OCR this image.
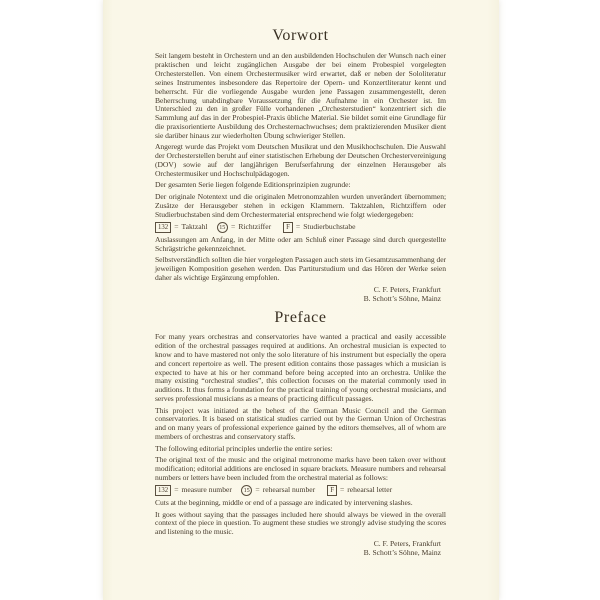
Vorwort

Seit langem besteht in Orchestern und an den ausbildenden Hochschulen der Wunsch nach einer praktischen und leicht zugänglichen Ausgabe der bei einem Probespiel vorgelegten Orchesterstellen. Von einem Orchestermusiker wird erwartet, daß er neben der Sololiteratur seines Instrumentes insbesondere das Repertoire der Opern- und Konzertliteratur kennt und beherrscht. Für die vorliegende Ausgabe wurden jene Passagen zusammengestellt, deren Beherrschung unabdingbare Voraussetzung für die Aufnahme in ein Orchester ist. Im Unterschied zu den in großer Fülle vorhandenen „Orchesterstudien“ konzentriert sich die Sammlung auf das in der Probespiel-Praxis übliche Material. Sie bildet somit eine Grundlage für die praxisorientierte Ausbildung des Orchesternachwuchses; dem praktizierenden Musiker dient sie darüber hinaus zur wiederholten Übung schwieriger Stellen.

Angeregt wurde das Projekt vom Deutschen Musikrat und den Musikhochschulen. Die Auswahl der Orchesterstellen beruht auf einer statistischen Erhebung der Deutschen Orchestervereinigung (DOV) sowie auf der langjährigen Berufserfahrung der einzelnen Herausgeber als Orchestermusiker und Hochschulpädagogen.

Der gesamten Serie liegen folgende Editionsprinzipien zugrunde:

Der originale Notentext und die originalen Metronomzahlen wurden unverändert übernommen; Zusätze der Herausgeber stehen in eckigen Klammern. Taktzahlen, Richtziffern oder Studierbuchstaben sind dem Orchestermaterial entsprechend wie folgt wiedergegeben:

132 = Taktzahl	15 = Richtziffer	F = Studierbuchstabe

Auslassungen am Anfang, in der Mitte oder am Schluß einer Passage sind durch quergestellte Schrägstriche gekennzeichnet.

Selbstverständlich sollten die hier vorgelegten Passagen auch stets im Gesamtzusammenhang der jeweiligen Komposition gesehen werden. Das Partiturstudium und das Hören der Werke seien daher als wichtige Ergänzung empfohlen.

C. F. Peters, Frankfurt
B. Schott’s Söhne, Mainz
Preface

For many years orchestras and conservatories have wanted a practical and easily accessible edition of the orchestral passages required at auditions. An orchestral musician is expected to know and to have mastered not only the solo literature of his instrument but especially the opera and concert repertoire as well. The present edition contains those passages which a musician is expected to have at his or her command before being accepted into an orchestra. Unlike the many existing “orchestral studies”, this collection focuses on the material commonly used in auditions. It thus forms a foundation for the practical training of young orchestral musicians, and serves professional musicians as a means of practicing difficult passages.

This project was initiated at the behest of the German Music Council and the German conservatories. It is based on statistical studies carried out by the German Union of Orchestras and on many years of professional experience gained by the editors themselves, all of whom are members of orchestras and conservatory staffs.

The following editorial principles underlie the entire series:

The original text of the music and the original metronome marks have been taken over without modification; editorial additions are enclosed in square brackets. Measure numbers and rehearsal numbers or letters have been included from the orchestral material as follows:

132 = measure number	15 = rehearsal number	F = rehearsal letter

Cuts at the beginning, middle or end of a passage are indicated by intervening slashes.

It goes without saying that the passages included here should always be viewed in the overall context of the piece in question. To augment these studies we strongly advise studying the scores and listening to the music.

C. F. Peters, Frankfurt
B. Schott’s Söhne, Mainz
